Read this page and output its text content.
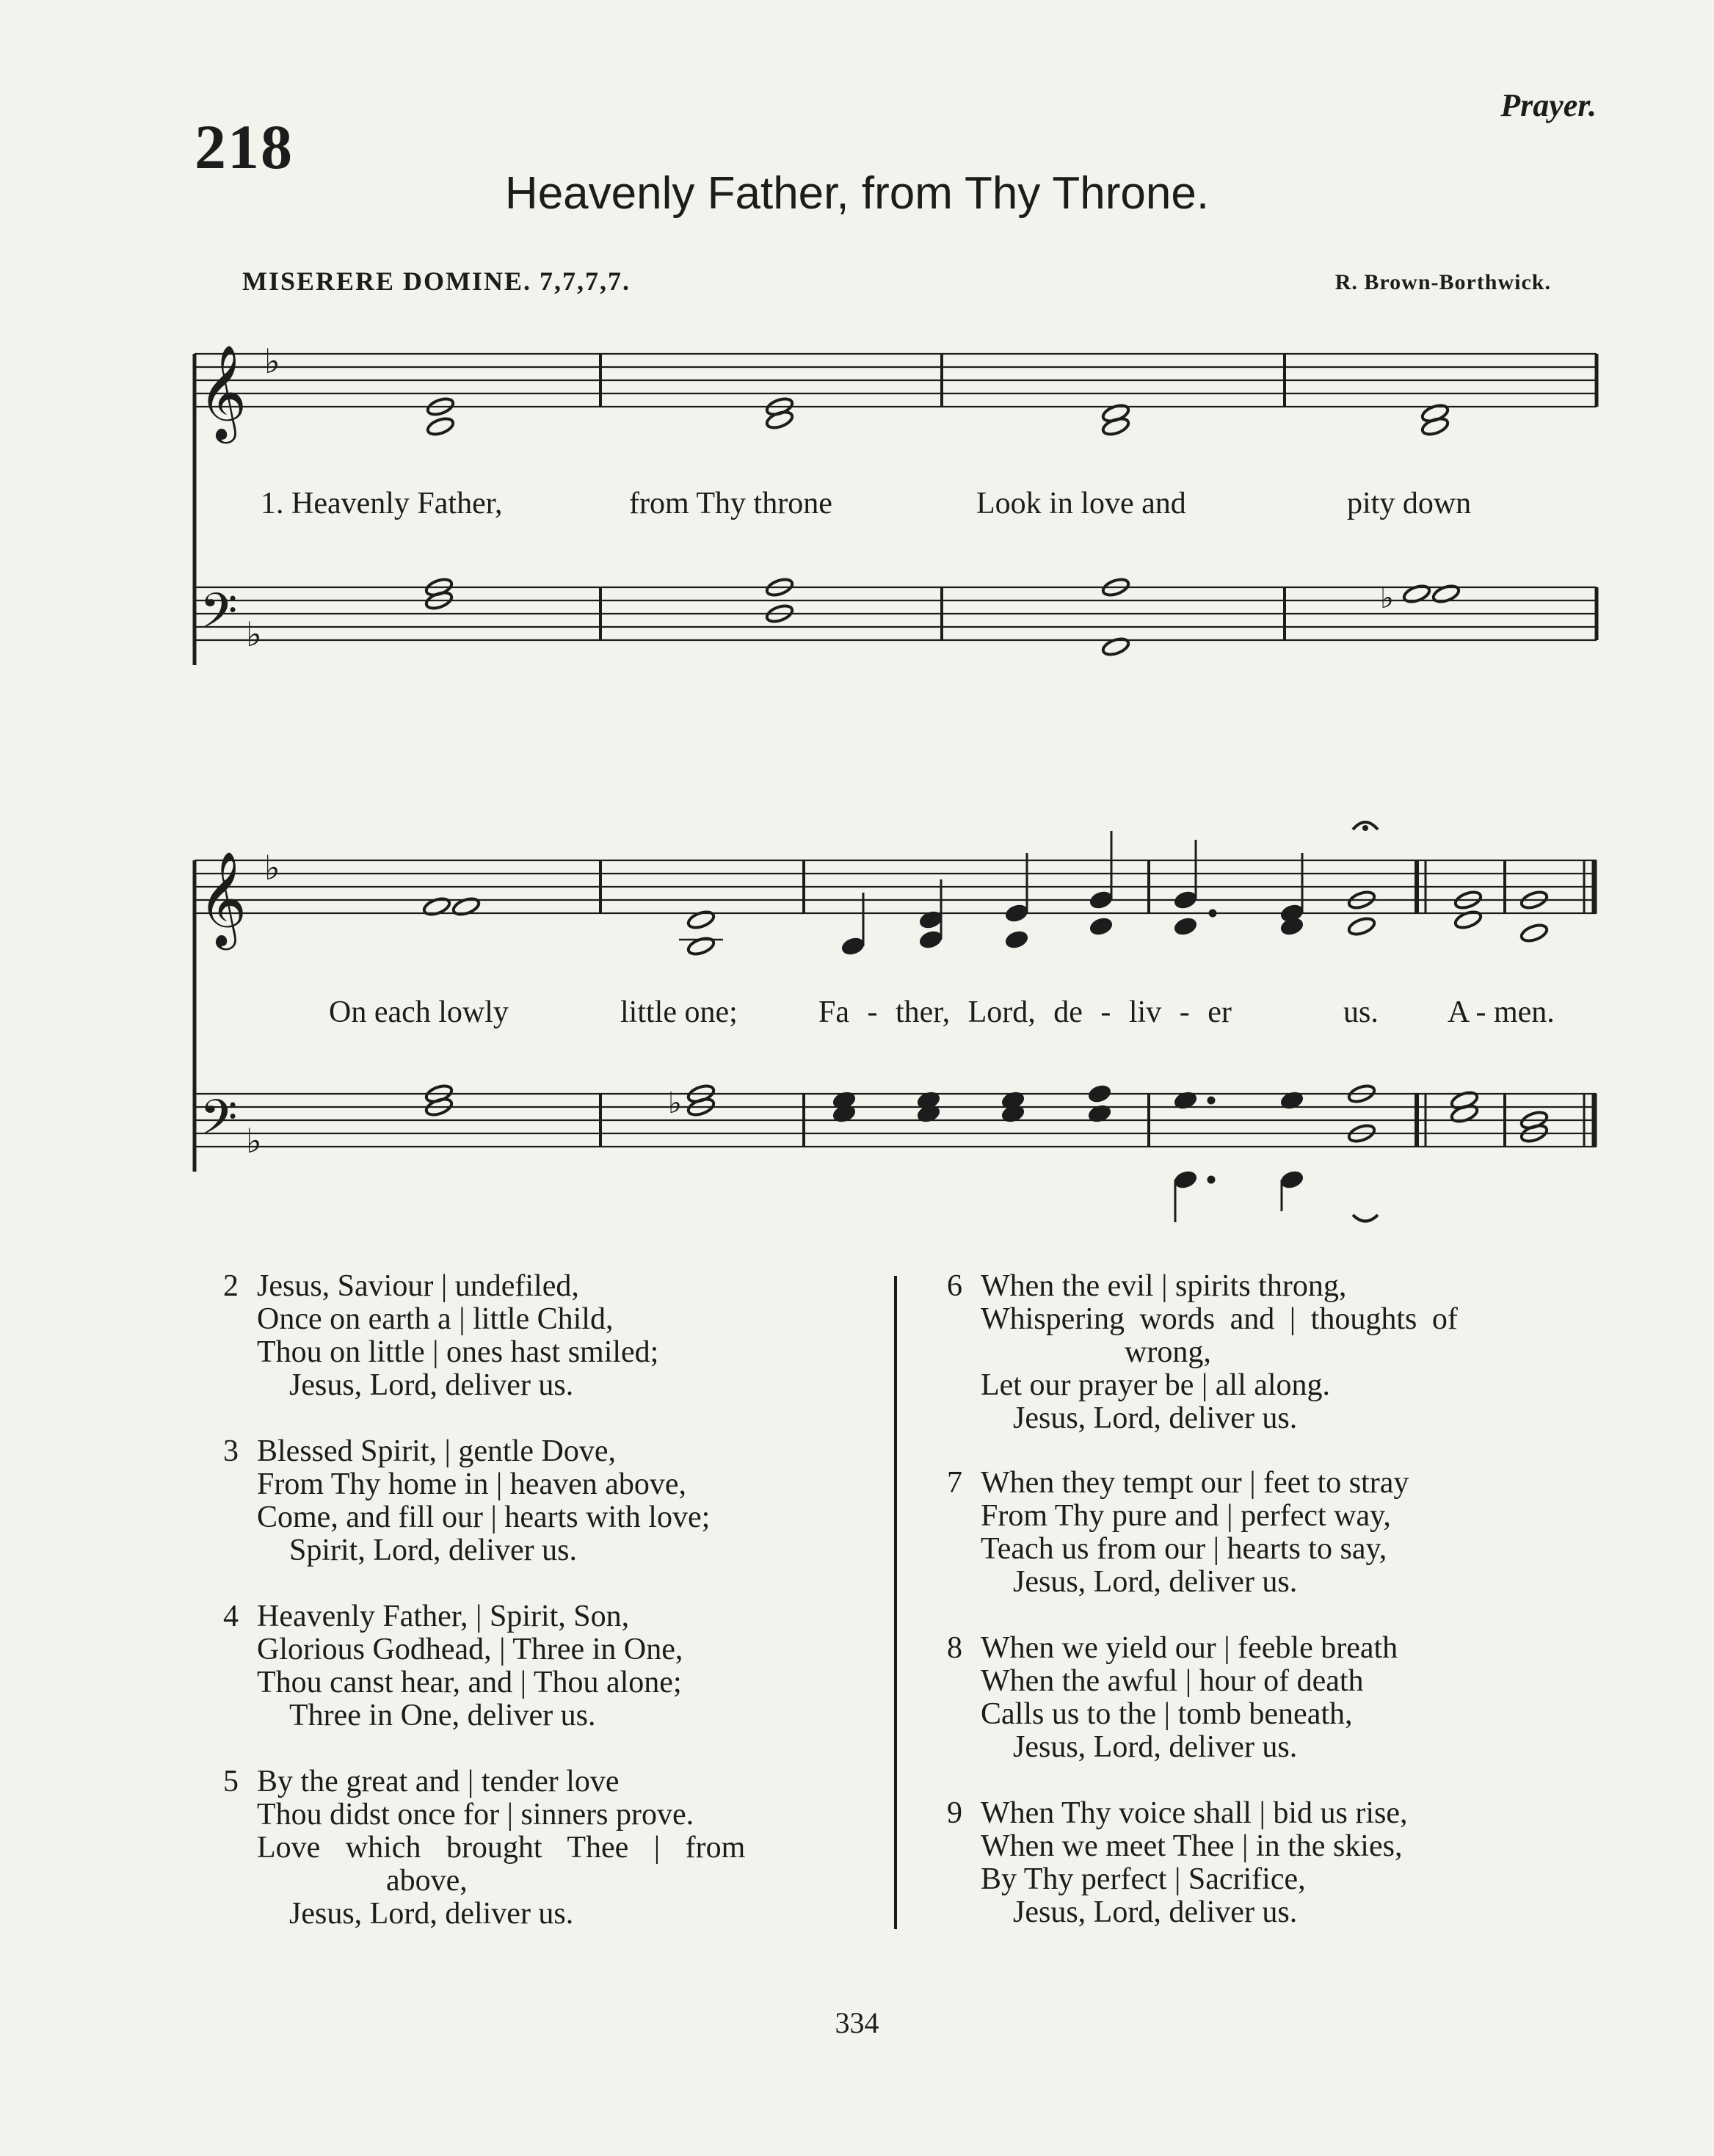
218
Prayer.
Heavenly Father, from Thy Throne.
MISERERE DOMINE. 7,7,7,7.	R. Brown-Borthwick.
𝄞 ♭
𝄢 ♭
𝄞 ♭
𝄢 ♭
♭
♭
1. Heavenly Father,	from Thy throne	Look in love and	pity down
On each lowly	little one;	Fa - ther, Lord, de - liv - er	us. A - men.
2 Jesus, Saviour | undefiled,
Once on earth a | little Child,
Thou on little | ones hast smiled;
Jesus, Lord, deliver us.
3 Blessed Spirit, | gentle Dove,
From Thy home in | heaven above,
Come, and fill our | hearts with love;
Spirit, Lord, deliver us.
4 Heavenly Father, | Spirit, Son,
Glorious Godhead, | Three in One,
Thou canst hear, and | Thou alone;
Three in One, deliver us.
5 By the great and | tender love
Thou didst once for | sinners prove.
Love which brought Thee | from
above,
Jesus, Lord, deliver us.
6 When the evil | spirits throng,
Whispering words and | thoughts of
wrong,
Let our prayer be | all along.
Jesus, Lord, deliver us.
7 When they tempt our | feet to stray
From Thy pure and | perfect way,
Teach us from our | hearts to say,
Jesus, Lord, deliver us.
8 When we yield our | feeble breath
When the awful | hour of death
Calls us to the | tomb beneath,
Jesus, Lord, deliver us.
9 When Thy voice shall | bid us rise,
When we meet Thee | in the skies,
By Thy perfect | Sacrifice,
Jesus, Lord, deliver us.
334
